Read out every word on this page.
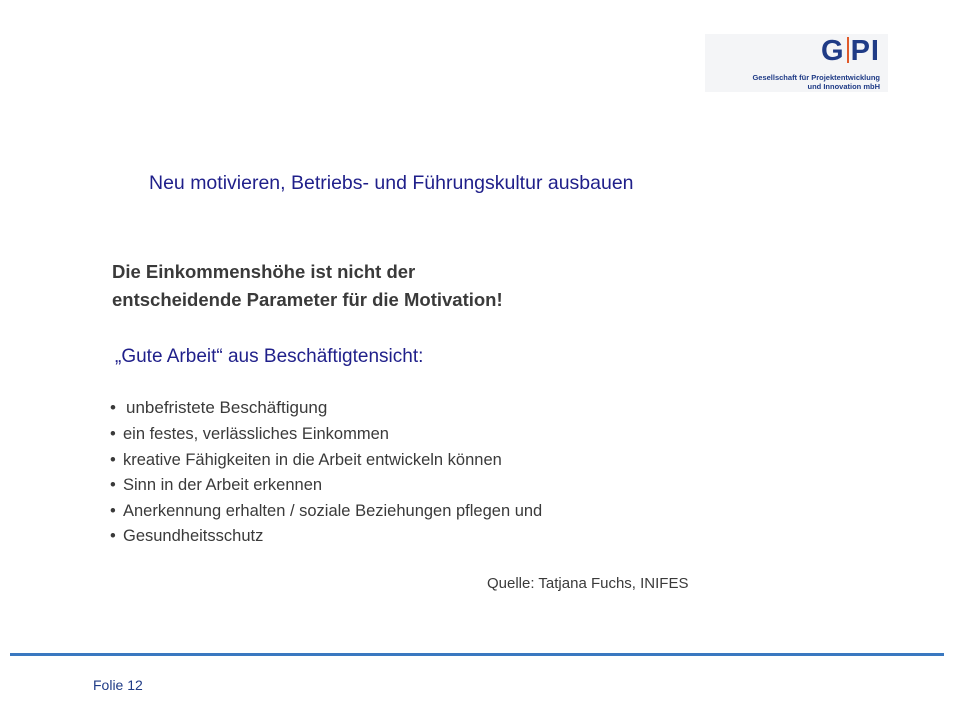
G PI
Gesellschaft für Projektentwicklung
und Innovation mbH
Neu motivieren, Betriebs- und Führungskultur ausbauen
Die Einkommenshöhe ist nicht der
entscheidende Parameter für die Motivation!
„Gute Arbeit“ aus Beschäftigtensicht:
• unbefristete Beschäftigung
• ein festes, verlässliches Einkommen
• kreative Fähigkeiten in die Arbeit entwickeln können
• Sinn in der Arbeit erkennen
• Anerkennung erhalten / soziale Beziehungen pflegen und
• Gesundheitsschutz
Quelle: Tatjana Fuchs, INIFES
Folie 12
